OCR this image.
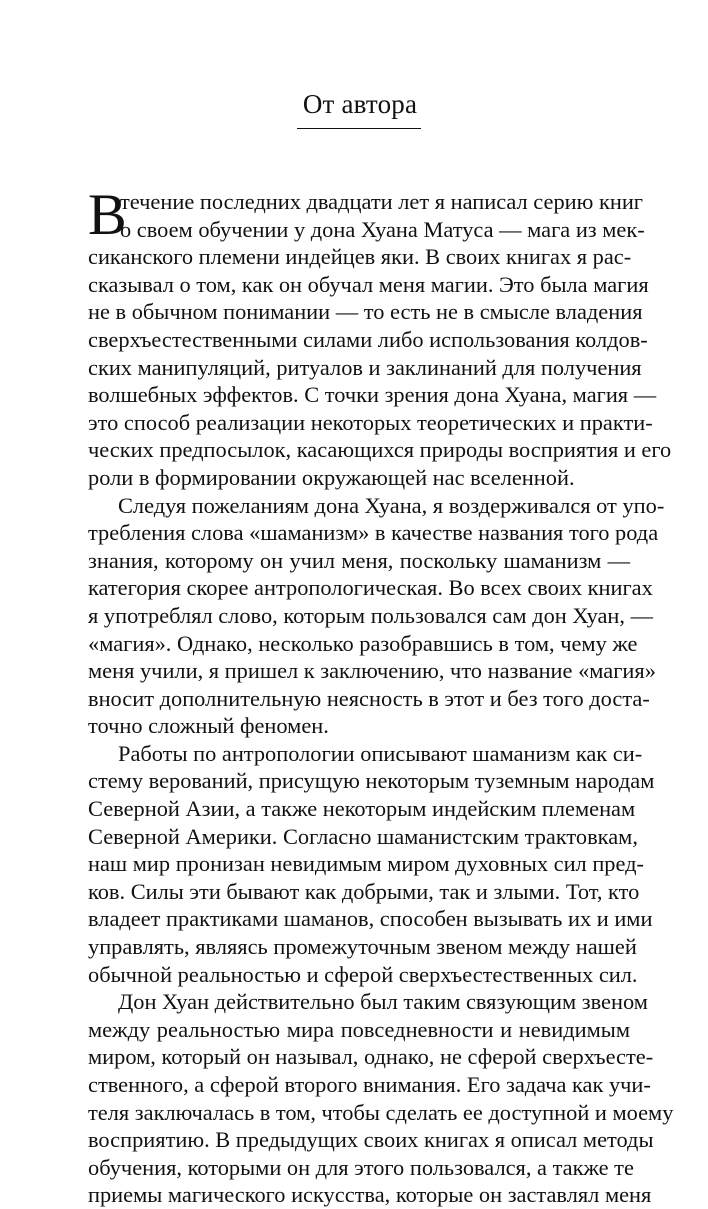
От автора
В
течение последних двадцати лет я написал серию книг
о своем обучении у дона Хуана Матуса — мага из мек-
сиканского племени индейцев яки. В своих книгах я рас-
сказывал о том, как он обучал меня магии. Это была магия
не в обычном понимании — то есть не в смысле владения
сверхъестественными силами либо использования колдов-
ских манипуляций, ритуалов и заклинаний для получения
волшебных эффектов. С точки зрения дона Хуана, магия —
это способ реализации некоторых теоретических и практи-
ческих предпосылок, касающихся природы восприятия и его
роли в формировании окружающей нас вселенной.
Следуя пожеланиям дона Хуана, я воздерживался от упо-
требления слова «шаманизм» в качестве названия того рода
знания, которому он учил меня, поскольку шаманизм —
категория скорее антропологическая. Во всех своих книгах
я употреблял слово, которым пользовался сам дон Хуан, —
«магия». Однако, несколько разобравшись в том, чему же
меня учили, я пришел к заключению, что название «магия»
вносит дополнительную неясность в этот и без того доста-
точно сложный феномен.
Работы по антропологии описывают шаманизм как си-
стему верований, присущую некоторым туземным народам
Северной Азии, а также некоторым индейским племенам
Северной Америки. Согласно шаманистским трактовкам,
наш мир пронизан невидимым миром духовных сил пред-
ков. Силы эти бывают как добрыми, так и злыми. Тот, кто
владеет практиками шаманов, способен вызывать их и ими
управлять, являясь промежуточным звеном между нашей
обычной реальностью и сферой сверхъестественных сил.
Дон Хуан действительно был таким связующим звеном
между реальностью мира повседневности и невидимым
миром, который он называл, однако, не сферой сверхъесте-
ственного, а сферой второго внимания. Его задача как учи-
теля заключалась в том, чтобы сделать ее доступной и моему
восприятию. В предыдущих своих книгах я описал методы
обучения, которыми он для этого пользовался, а также те
приемы магического искусства, которые он заставлял меня
